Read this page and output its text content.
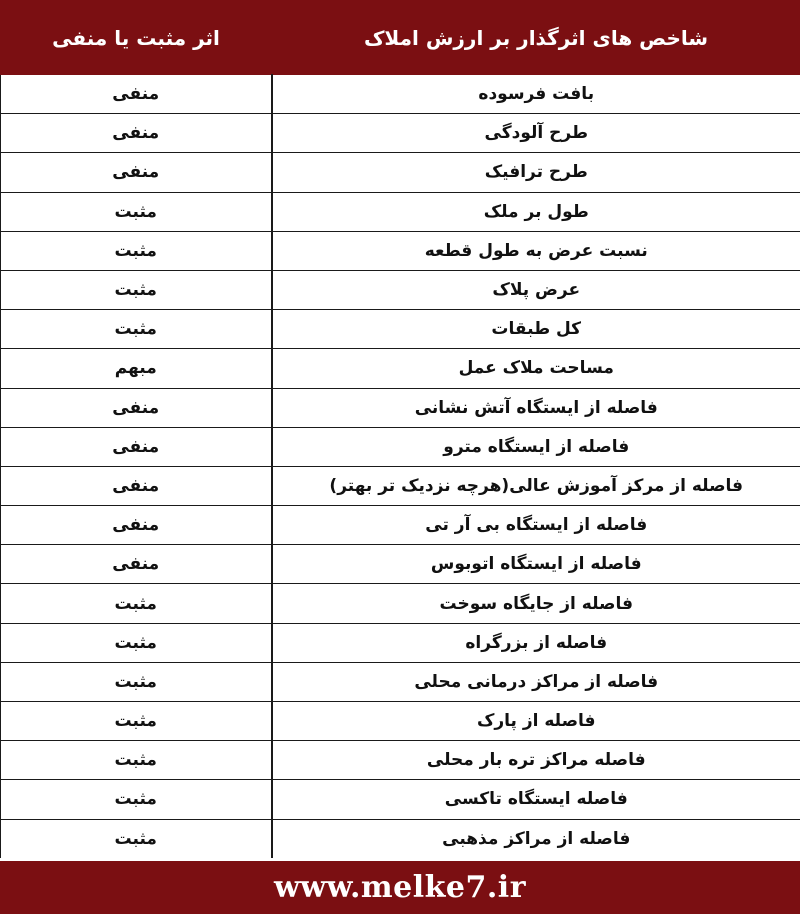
شاخص های اثرگذار بر ارزش املاک	اثر مثبت یا منفی
بافت فرسوده	منفی
طرح آلودگی	منفی
طرح ترافیک	منفی
طول بر ملک	مثبت
نسبت عرض به طول قطعه	مثبت
عرض پلاک	مثبت
کل طبقات	مثبت
مساحت ملاک عمل	مبهم
فاصله از ایستگاه آتش نشانی	منفی
فاصله از ایستگاه مترو	منفی
فاصله از مرکز آموزش عالی(هرچه نزدیک تر بهتر)	منفی
فاصله از ایستگاه بی آر تی	منفی
فاصله از ایستگاه اتوبوس	منفی
فاصله از جایگاه سوخت	مثبت
فاصله از بزرگراه	مثبت
فاصله از مراکز درمانی محلی	مثبت
فاصله از پارک	مثبت
فاصله مراکز تره بار محلی	مثبت
فاصله ایستگاه تاکسی	مثبت
فاصله از مراکز مذهبی	مثبت
www.melke7.ir
